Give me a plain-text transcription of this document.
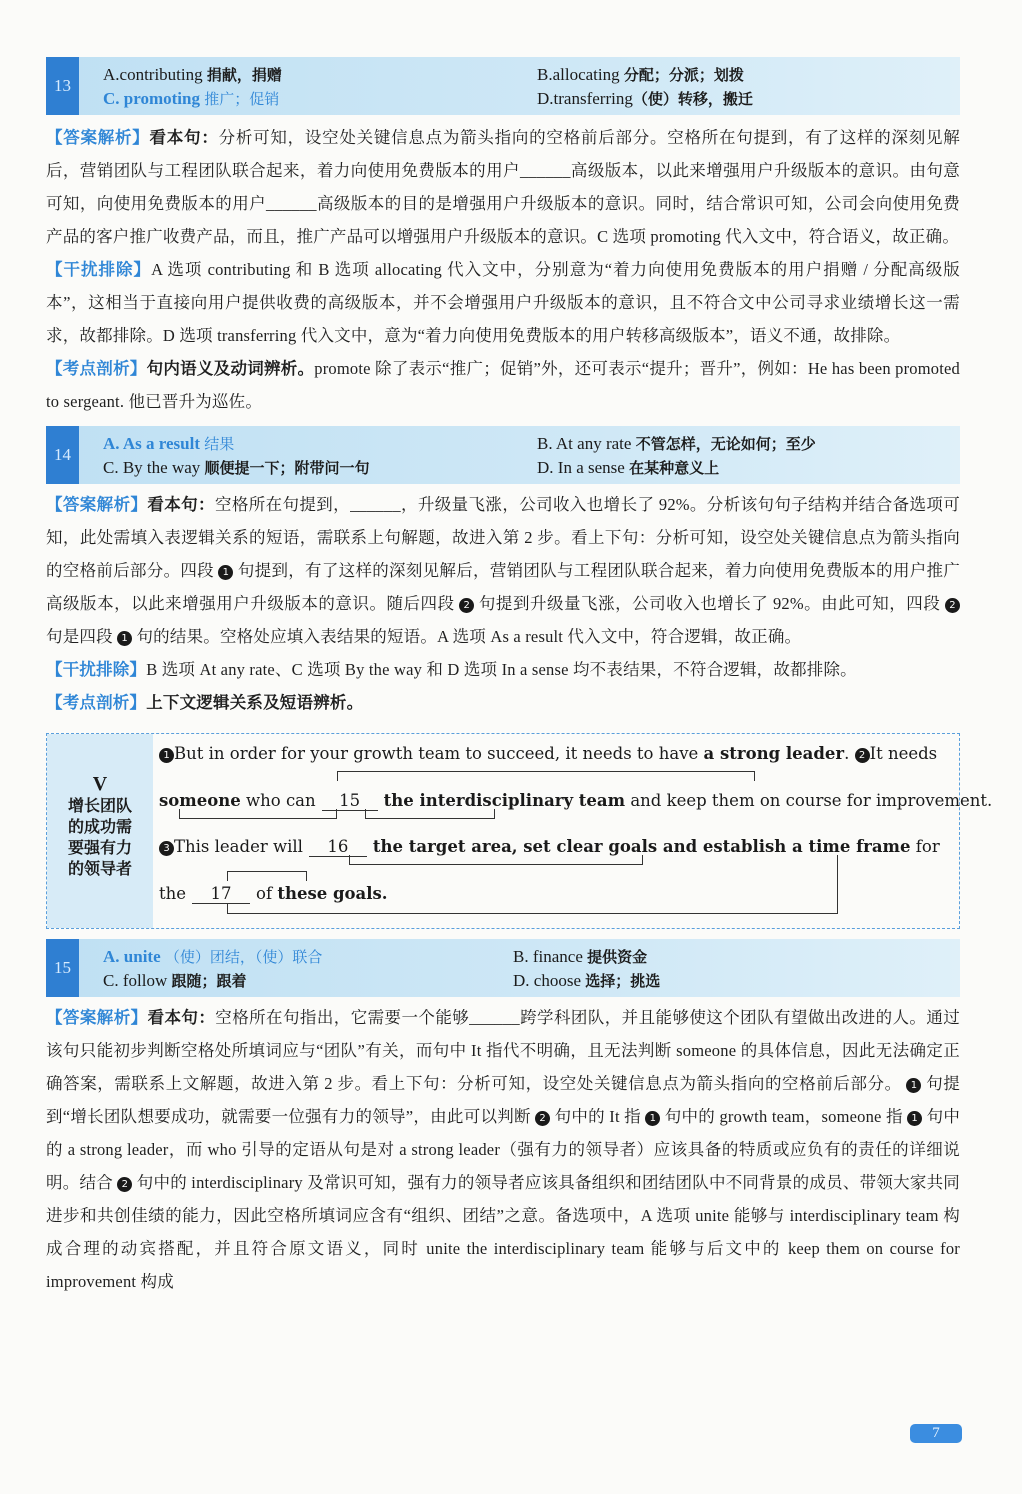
13
A.contributing 捐献，捐赠	B.allocating 分配；分派；划拨
C. promoting 推广；促销	D.transferring（使）转移，搬迁
【答案解析】看本句：分析可知，设空处关键信息点为箭头指向的空格前后部分。空格所在句提到，有了这样的深刻见解后，营销团队与工程团队联合起来，着力向使用免费版本的用户______高级版本，以此来增强用户升级版本的意识。由句意可知，向使用免费版本的用户______高级版本的目的是增强用户升级版本的意识。同时，结合常识可知，公司会向使用免费产品的客户推广收费产品，而且，推广产品可以增强用户升级版本的意识。C 选项 promoting 代入文中，符合语义，故正确。
【干扰排除】A 选项 contributing 和 B 选项 allocating 代入文中，分别意为“着力向使用免费版本的用户捐赠 / 分配高级版本”，这相当于直接向用户提供收费的高级版本，并不会增强用户升级版本的意识，且不符合文中公司寻求业绩增长这一需求，故都排除。D 选项 transferring 代入文中，意为“着力向使用免费版本的用户转移高级版本”，语义不通，故排除。
【考点剖析】句内语义及动词辨析。promote 除了表示“推广；促销”外，还可表示“提升；晋升”，例如：He has been promoted to sergeant. 他已晋升为巡佐。
14
A. As a result 结果	B. At any rate 不管怎样，无论如何；至少
C. By the way 顺便提一下；附带问一句	D. In a sense 在某种意义上
【答案解析】看本句：空格所在句提到，______，升级量飞涨，公司收入也增长了 92%。分析该句句子结构并结合备选项可知，此处需填入表逻辑关系的短语，需联系上句解题，故进入第 2 步。看上下句：分析可知，设空处关键信息点为箭头指向的空格前后部分。四段 1 句提到，有了这样的深刻见解后，营销团队与工程团队联合起来，着力向使用免费版本的用户推广高级版本，以此来增强用户升级版本的意识。随后四段 2 句提到升级量飞涨，公司收入也增长了 92%。由此可知，四段 2 句是四段 1 句的结果。空格处应填入表结果的短语。A 选项 As a result 代入文中，符合逻辑，故正确。
【干扰排除】B 选项 At any rate、C 选项 By the way 和 D 选项 In a sense 均不表结果，不符合逻辑，故都排除。
【考点剖析】上下文逻辑关系及短语辨析。
V
增长团队的成功需要强有力的领导者
1 But in order for your growth team to succeed, it needs to have a strong leader. 2 It needs
someone who can 15 the interdisciplinary team and keep them on course for improvement.
3 This leader will 16 the target area, set clear goals and establish a time frame for
the 17 of these goals.
15
A. unite （使）团结，（使）联合	B. finance 提供资金
C. follow 跟随；跟着	D. choose 选择；挑选
【答案解析】看本句：空格所在句指出，它需要一个能够______跨学科团队，并且能够使这个团队有望做出改进的人。通过该句只能初步判断空格处所填词应与“团队”有关，而句中 It 指代不明确，且无法判断 someone 的具体信息，因此无法确定正确答案，需联系上文解题，故进入第 2 步。看上下句：分析可知，设空处关键信息点为箭头指向的空格前后部分。 1 句提到“增长团队想要成功，就需要一位强有力的领导”，由此可以判断 2 句中的 It 指 1 句中的 growth team，someone 指 1 句中的 a strong leader，而 who 引导的定语从句是对 a strong leader（强有力的领导者）应该具备的特质或应负有的责任的详细说明。结合 2 句中的 interdisciplinary 及常识可知，强有力的领导者应该具备组织和团结团队中不同背景的成员、带领大家共同进步和共创佳绩的能力，因此空格所填词应含有“组织、团结”之意。备选项中，A 选项 unite 能够与 interdisciplinary team 构成合理的动宾搭配，并且符合原文语义，同时 unite the interdisciplinary team 能够与后文中的 keep them on course for improvement 构成
7
